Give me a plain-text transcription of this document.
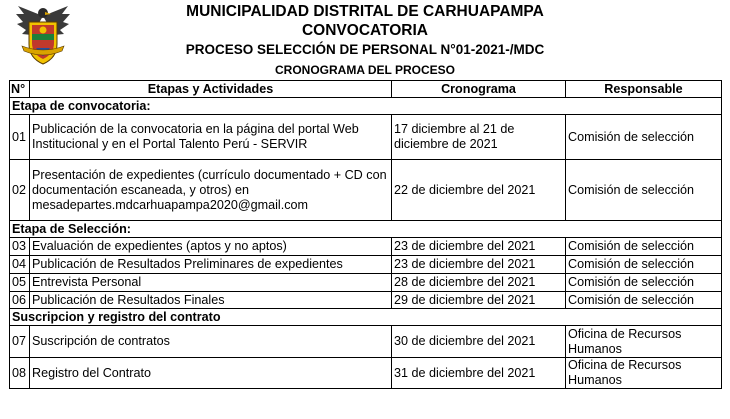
MUNICIPALIDAD DISTRITAL DE CARHUAPAMPA
CONVOCATORIA
PROCESO SELECCIÓN DE PERSONAL N°01-2021-/MDC
CRONOGRAMA DEL PROCESO
N°	Etapas y Actividades	Cronograma	Responsable
Etapa de convocatoria:			
01	Publicación de la convocatoria en la página del portal Web Institucional y en el Portal Talento Perú - SERVIR	17 diciembre al 21 de diciembre de 2021	Comisión de selección
02	Presentación de expedientes (currículo documentado + CD con documentación escaneada, y otros) en mesadepartes.mdcarhuapampa2020@gmail.com	22 de diciembre del 2021	Comisión de selección
Etapa de Selección:			
03	Evaluación de expedientes (aptos y no aptos)	23 de diciembre del 2021	Comisión de selección
04	Publicación de Resultados Preliminares de expedientes	23 de diciembre del 2021	Comisión de selección
05	Entrevista Personal	28 de diciembre del 2021	Comisión de selección
06	Publicación de Resultados Finales	29 de diciembre del 2021	Comisión de selección
Suscripcion y registro del contrato			
07	Suscripción de contratos	30 de diciembre del 2021	Oficina de Recursos Humanos
08	Registro del Contrato	31 de diciembre del 2021	Oficina de Recursos Humanos
